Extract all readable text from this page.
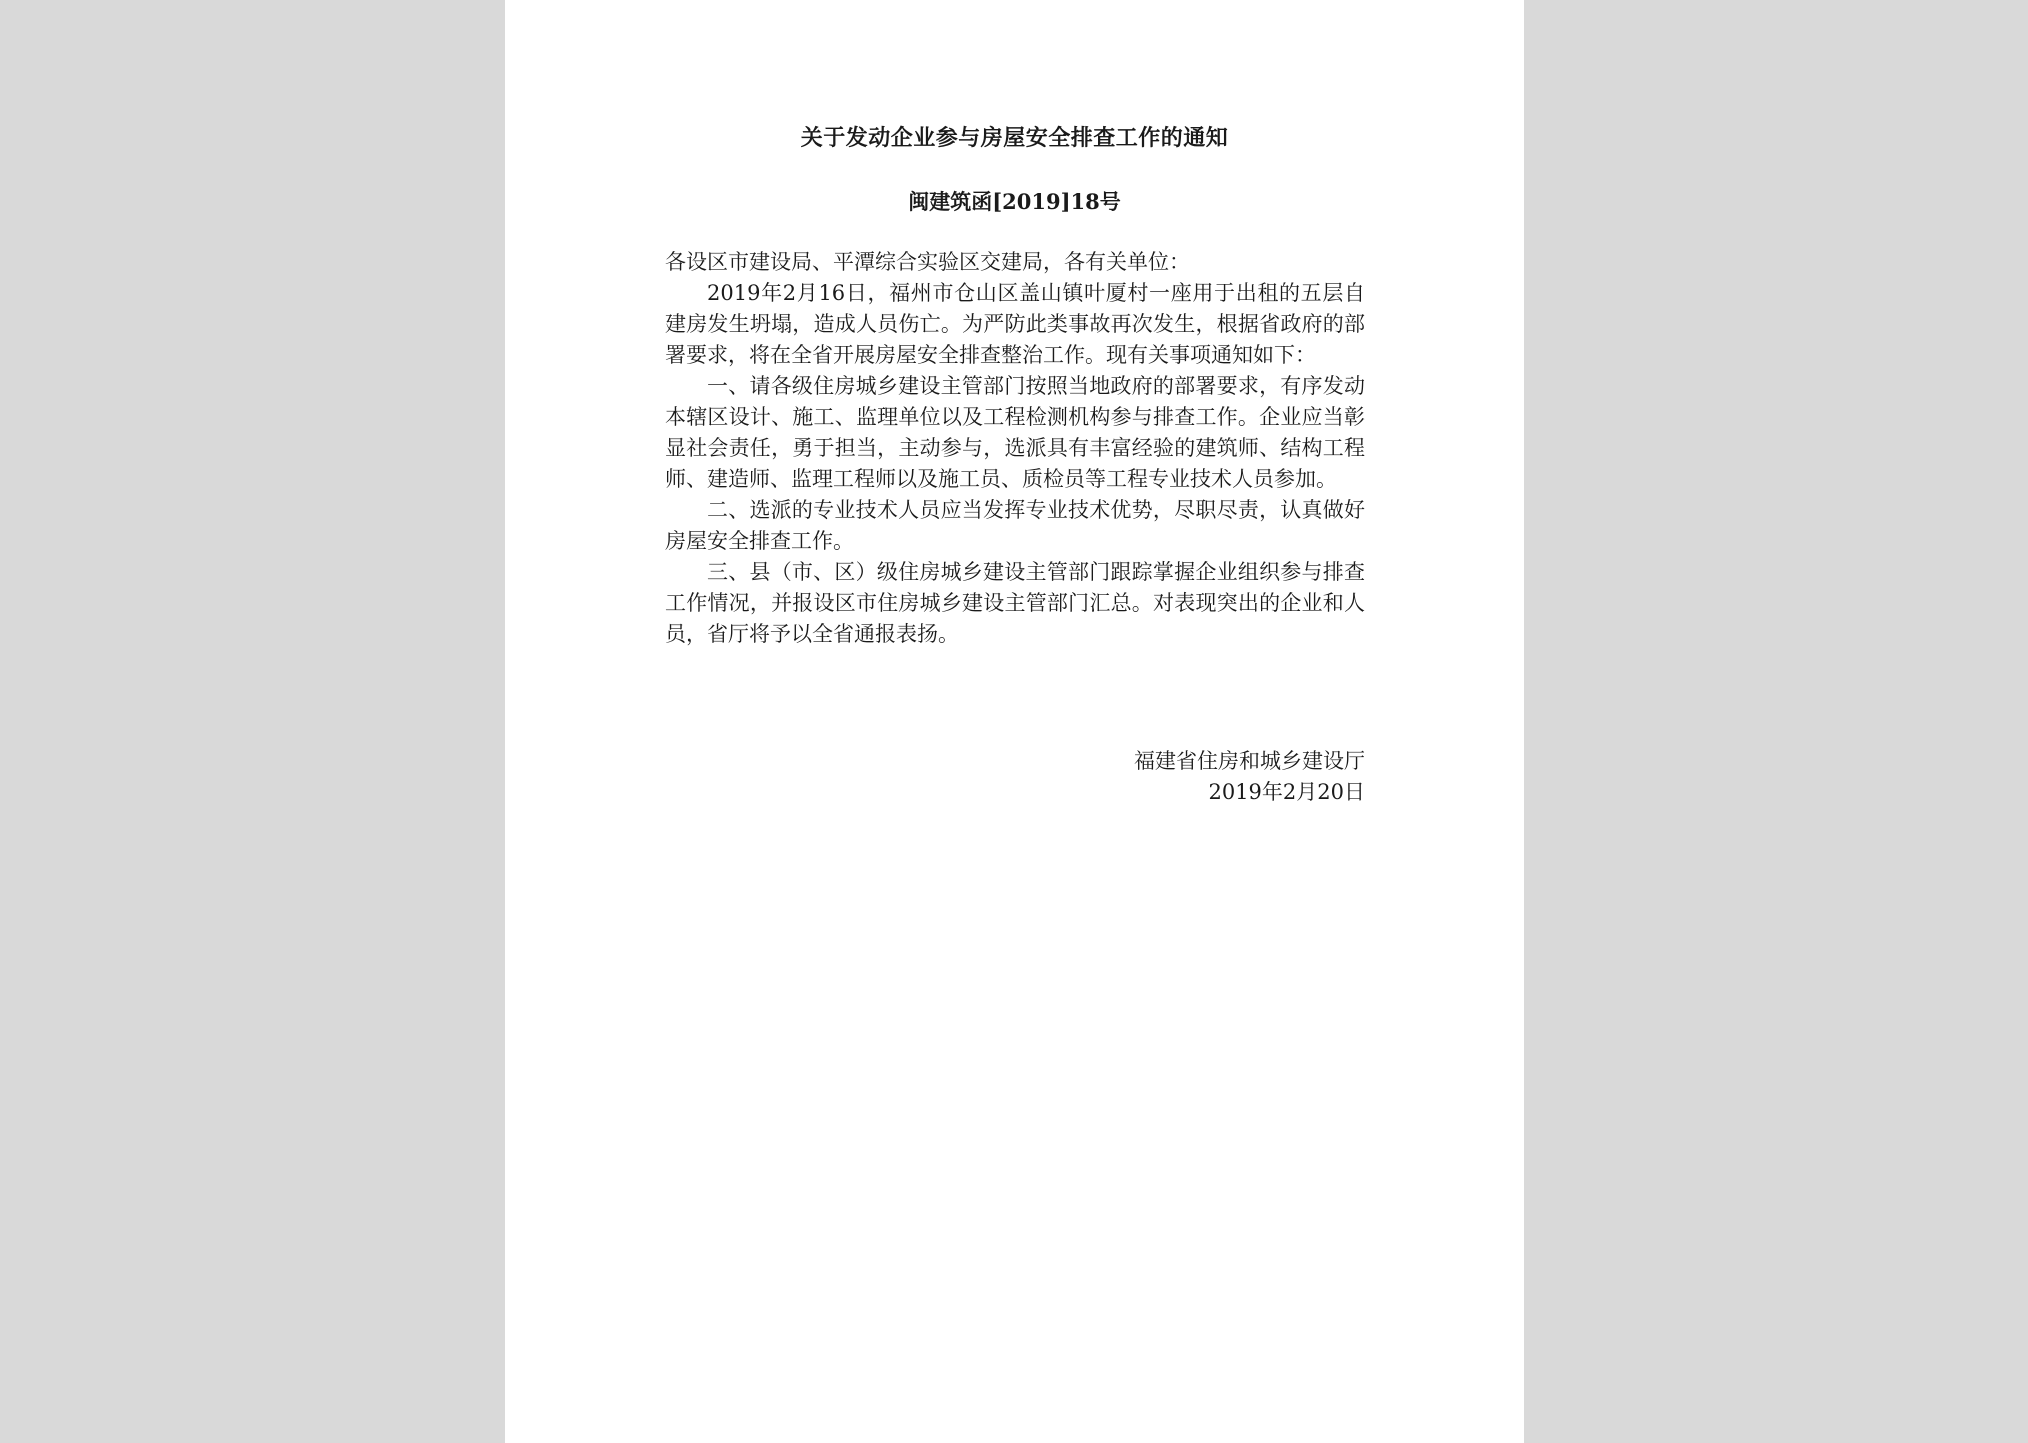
关于发动企业参与房屋安全排查工作的通知
闽建筑函[2019]18号

各设区市建设局、平潭综合实验区交建局，各有关单位：

2019年2月16日，福州市仓山区盖山镇叶厦村一座用于出租的五层自建房发生坍塌，造成人员伤亡。为严防此类事故再次发生，根据省政府的部署要求，将在全省开展房屋安全排查整治工作。现有关事项通知如下：

一、请各级住房城乡建设主管部门按照当地政府的部署要求，有序发动本辖区设计、施工、监理单位以及工程检测机构参与排查工作。企业应当彰显社会责任，勇于担当，主动参与，选派具有丰富经验的建筑师、结构工程师、建造师、监理工程师以及施工员、质检员等工程专业技术人员参加。

二、选派的专业技术人员应当发挥专业技术优势，尽职尽责，认真做好房屋安全排查工作。

三、县（市、区）级住房城乡建设主管部门跟踪掌握企业组织参与排查工作情况，并报设区市住房城乡建设主管部门汇总。对表现突出的企业和人员，省厅将予以全省通报表扬。

福建省住房和城乡建设厅
2019年2月20日
